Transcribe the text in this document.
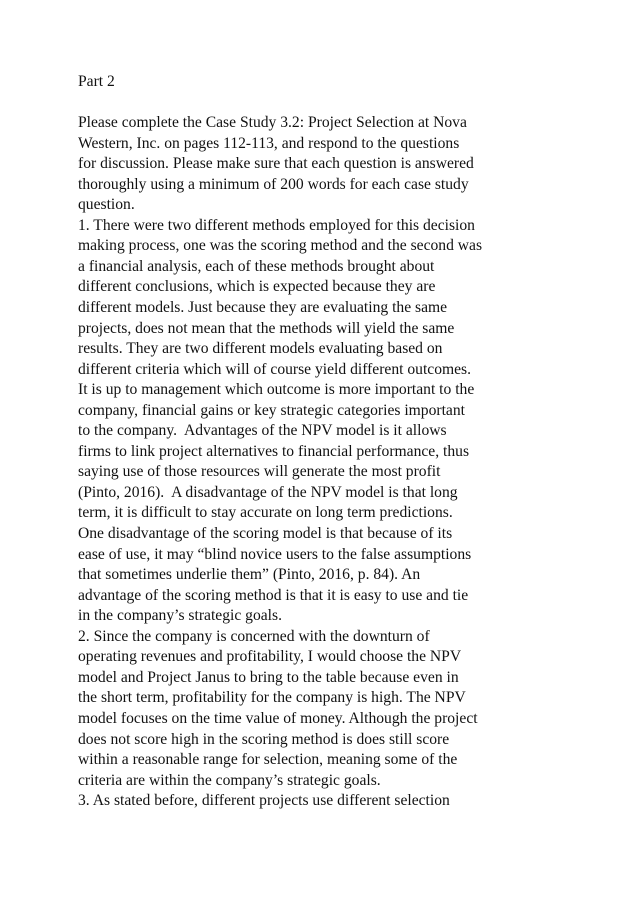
Part 2
Please complete the Case Study 3.2: Project Selection at Nova
Western, Inc. on pages 112-113, and respond to the questions
for discussion. Please make sure that each question is answered
thoroughly using a minimum of 200 words for each case study
question.
1. There were two different methods employed for this decision
making process, one was the scoring method and the second was
a financial analysis, each of these methods brought about
different conclusions, which is expected because they are
different models. Just because they are evaluating the same
projects, does not mean that the methods will yield the same
results. They are two different models evaluating based on
different criteria which will of course yield different outcomes.
It is up to management which outcome is more important to the
company, financial gains or key strategic categories important
to the company.  Advantages of the NPV model is it allows
firms to link project alternatives to financial performance, thus
saying use of those resources will generate the most profit
(Pinto, 2016).  A disadvantage of the NPV model is that long
term, it is difficult to stay accurate on long term predictions.
One disadvantage of the scoring model is that because of its
ease of use, it may “blind novice users to the false assumptions
that sometimes underlie them” (Pinto, 2016, p. 84). An
advantage of the scoring method is that it is easy to use and tie
in the company’s strategic goals.
2. Since the company is concerned with the downturn of
operating revenues and profitability, I would choose the NPV
model and Project Janus to bring to the table because even in
the short term, profitability for the company is high. The NPV
model focuses on the time value of money. Although the project
does not score high in the scoring method is does still score
within a reasonable range for selection, meaning some of the
criteria are within the company’s strategic goals.
3. As stated before, different projects use different selection
